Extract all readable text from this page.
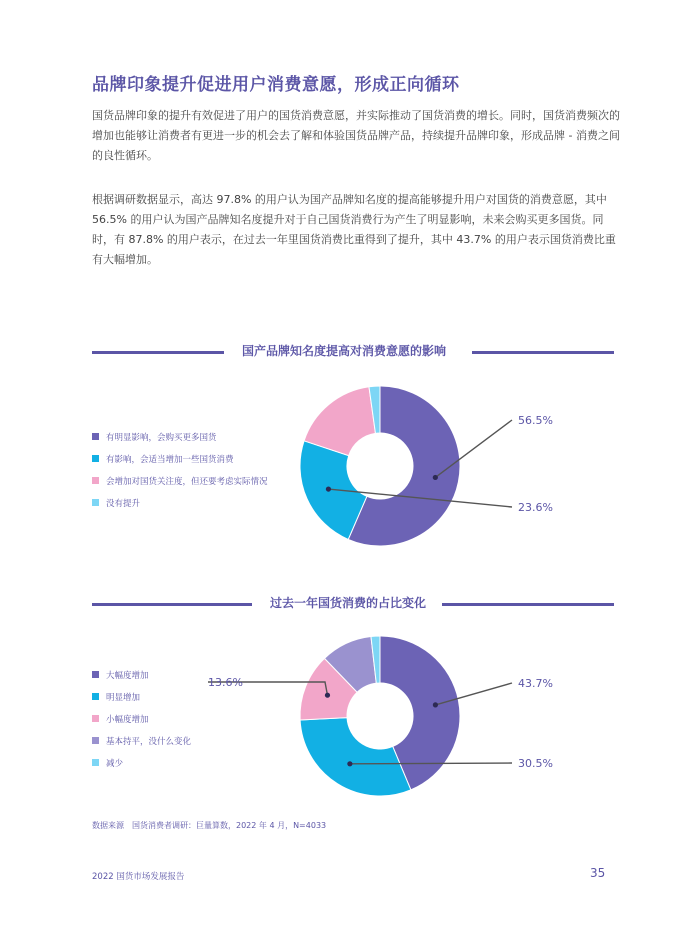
品牌印象提升促进用户消费意愿，形成正向循环
国货品牌印象的提升有效促进了用户的国货消费意愿，并实际推动了国货消费的增长。同时，国货消费频次的增加也能够让消费者有更进一步的机会去了解和体验国货品牌产品，持续提升品牌印象，形成品牌 - 消费之间的良性循环。
根据调研数据显示，高达 97.8% 的用户认为国产品牌知名度的提高能够提升用户对国货的消费意愿，其中 56.5% 的用户认为国产品牌知名度提升对于自己国货消费行为产生了明显影响，未来会购买更多国货。同时，有 87.8% 的用户表示，在过去一年里国货消费比重得到了提升，其中 43.7% 的用户表示国货消费比重有大幅增加。
国产品牌知名度提高对消费意愿的影响
有明显影响，会购买更多国货
有影响，会适当增加一些国货消费
会增加对国货关注度，但还要考虑实际情况
没有提升
过去一年国货消费的占比变化
大幅度增加
明显增加
小幅度增加
基本持平，没什么变化
减少
56.5%
23.6%
43.7%
30.5%
13.6%
数据来源　国货消费者调研：巨量算数，2022 年 4 月，N=4033
2022 国货市场发展报告	35
